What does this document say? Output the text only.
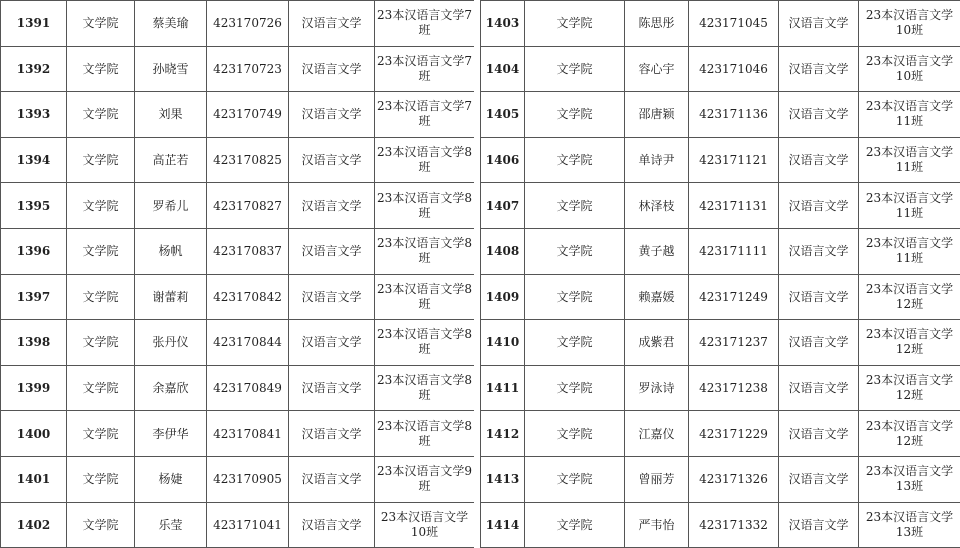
1391	文学院	蔡美瑜	423170726	汉语言文学	23本汉语言文学7班
1392	文学院	孙晓雪	423170723	汉语言文学	23本汉语言文学7班
1393	文学院	刘果	423170749	汉语言文学	23本汉语言文学7班
1394	文学院	高芷若	423170825	汉语言文学	23本汉语言文学8班
1395	文学院	罗希儿	423170827	汉语言文学	23本汉语言文学8班
1396	文学院	杨帆	423170837	汉语言文学	23本汉语言文学8班
1397	文学院	谢蕾莉	423170842	汉语言文学	23本汉语言文学8班
1398	文学院	张丹仪	423170844	汉语言文学	23本汉语言文学8班
1399	文学院	余嘉欣	423170849	汉语言文学	23本汉语言文学8班
1400	文学院	李伊华	423170841	汉语言文学	23本汉语言文学8班
1401	文学院	杨婕	423170905	汉语言文学	23本汉语言文学9班
1402	文学院	乐莹	423171041	汉语言文学	23本汉语言文学10班
1403	文学院	陈思彤	423171045	汉语言文学	23本汉语言文学10班
1404	文学院	容心宇	423171046	汉语言文学	23本汉语言文学10班
1405	文学院	邵唐颖	423171136	汉语言文学	23本汉语言文学11班
1406	文学院	单诗尹	423171121	汉语言文学	23本汉语言文学11班
1407	文学院	林泽枝	423171131	汉语言文学	23本汉语言文学11班
1408	文学院	黄子越	423171111	汉语言文学	23本汉语言文学11班
1409	文学院	赖嘉媛	423171249	汉语言文学	23本汉语言文学12班
1410	文学院	成紫君	423171237	汉语言文学	23本汉语言文学12班
1411	文学院	罗泳诗	423171238	汉语言文学	23本汉语言文学12班
1412	文学院	江嘉仪	423171229	汉语言文学	23本汉语言文学12班
1413	文学院	曾丽芳	423171326	汉语言文学	23本汉语言文学13班
1414	文学院	严韦怡	423171332	汉语言文学	23本汉语言文学13班
